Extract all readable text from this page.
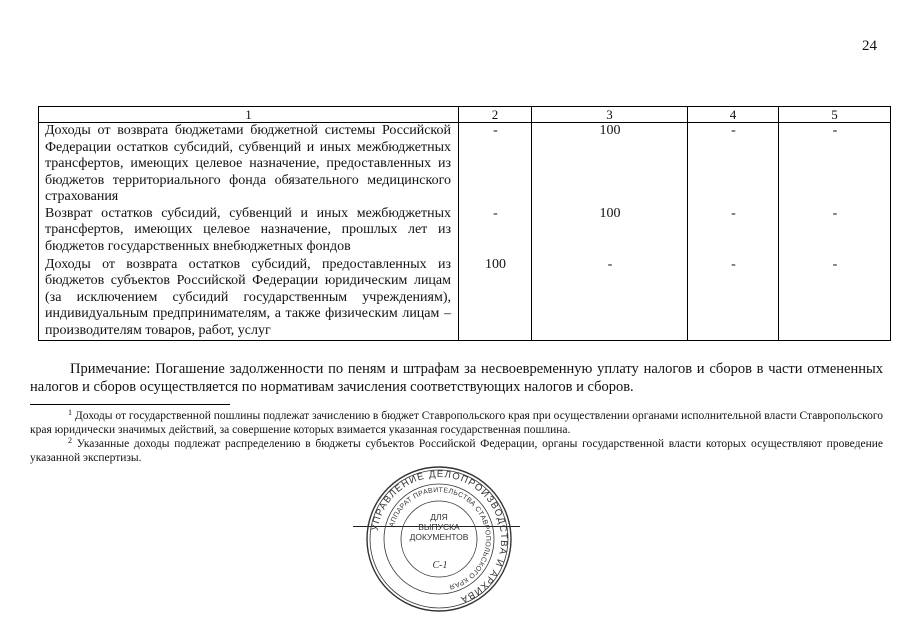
24
1	2	3	4	5
Доходы от возврата бюджетами бюджетной системы Российской Федерации остатков субсидий, субвенций и иных межбюджетных трансфертов, имеющих целевое назначение, предоставленных из бюджетов территориального фонда обязательного медицинского страхования	-	100	-	-
Возврат остатков субсидий, субвенций и иных межбюджетных трансфертов, имеющих целевое назначение, прошлых лет из бюджетов государственных внебюджетных фондов	-	100	-	-
Доходы от возврата остатков субсидий, предоставленных из бюджетов субъектов Российской Федерации юридическим лицам (за исключением субсидий государственным учреждениям), индивидуальным предпринимателям, а также физическим лицам – производителям товаров, работ, услуг	100	-	-	-
Примечание: Погашение задолженности по пеням и штрафам за несвоевременную уплату налогов и сборов в части отмененных налогов и сборов осуществляется по нормативам зачисления соответствующих налогов и сборов.
$^1$ Доходы от государственной пошлины подлежат зачислению в бюджет Ставропольского края при осуществлении органами исполнительной власти Ставропольского края юридически значимых действий, за совершение которых взимается указанная государственная пошлина.
$^2$ Указанные доходы подлежат распределению в бюджеты субъектов Российской Федерации, органы государственной власти которых осуществляют проведение указанной экспертизы.
УПРАВЛЕНИЕ ДЕЛОПРОИЗВОДСТВА И АРХИВА
АППАРАТ ПРАВИТЕЛЬСТВА СТАВРОПОЛЬСКОГО КРАЯ
ДЛЯ
ВЫПУСКА
ДОКУМЕНТОВ
С-1
